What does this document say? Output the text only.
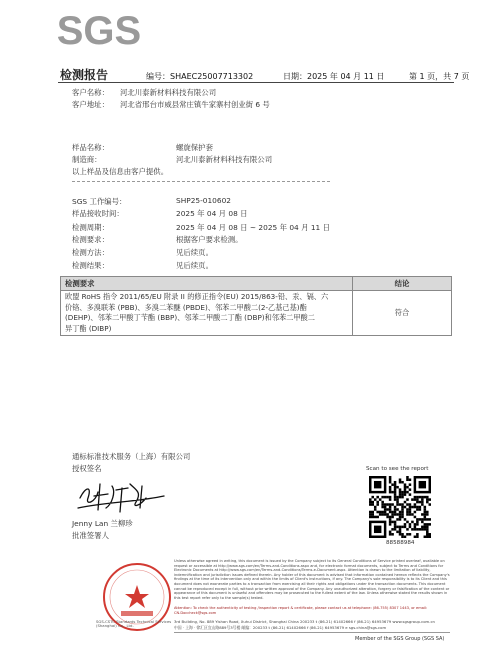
SGS
检测报告	编号：SHAEC25007713302	日期：2025 年 04 月 11 日	第 1 页，共 7 页
客户名称： 河北川泰新材料科技有限公司
客户地址： 河北省邢台市威县常庄镇牛家寨村创业街 6 号
样品名称：	螺旋保护套
制造商：	河北川泰新材料科技有限公司
以上样品及信息由客户提供。
SGS 工作编号：	SHP25-010602
样品接收时间：	2025 年 04 月 08 日
检测周期：	2025 年 04 月 08 日 ~ 2025 年 04 月 11 日
检测要求：	根据客户要求检测。
检测方法：	见后续页。
检测结果：	见后续页。
检测要求	结论

欧盟 RoHS 指令 2011/65/EU 附录 II 的修正指令(EU) 2015/863-铅、汞、镉、六
价铬、多溴联苯 (PBB)、多溴二苯醚 (PBDE)、邻苯二甲酸二(2-乙基己基)酯
(DEHP)、邻苯二甲酸丁苄酯 (BBP)、邻苯二甲酸二丁酯 (DBP)和邻苯二甲酸二
异丁酯 (DIBP)	符合
通标标准技术服务（上海）有限公司
授权签名
Jenny Lan 兰柳珍
批准签署人
Scan to see the report
88588984
SGS-CSTC Standards Technical Services (Shanghai) Co., Ltd.
Unless otherwise agreed in writing, this document is issued by the Company subject to its General Conditions of Service printed overleaf, available on request or accessible at http://www.sgs.com/en/Terms-and-Conditions.aspx and, for electronic format documents, subject to Terms and Conditions for Electronic Documents at http://www.sgs.com/en/Terms-and-Conditions/Terms-e-Document.aspx. Attention is drawn to the limitation of liability, indemnification and jurisdiction issues defined therein. Any holder of this document is advised that information contained hereon reflects the Company's findings at the time of its intervention only and within the limits of Client's instructions, if any. The Company's sole responsibility is to its Client and this document does not exonerate parties to a transaction from exercising all their rights and obligations under the transaction documents. This document cannot be reproduced except in full, without prior written approval of the Company. Any unauthorized alteration, forgery or falsification of the content or appearance of this document is unlawful and offenders may be prosecuted to the fullest extent of the law. Unless otherwise stated the results shown in this test report refer only to the sample(s) tested.
Attention: To check the authenticity of testing /inspection report & certificate, please contact us at telephone: (86-755) 8307 1443, or email: CN.Doccheck@sgs.com
3rd Building, No. 889 Yishan Road, Xuhui District, Shanghai China 200233 t (86-21) 61402666 f (86-21) 64953679 www.sgsgroup.com.cn
中国 · 上海 · 徐汇区宜山路889号3号楼 邮编：200233 t (86-21) 61402666 f (86-21) 64953679 e sgs.china@sgs.com
Member of the SGS Group (SGS SA)
